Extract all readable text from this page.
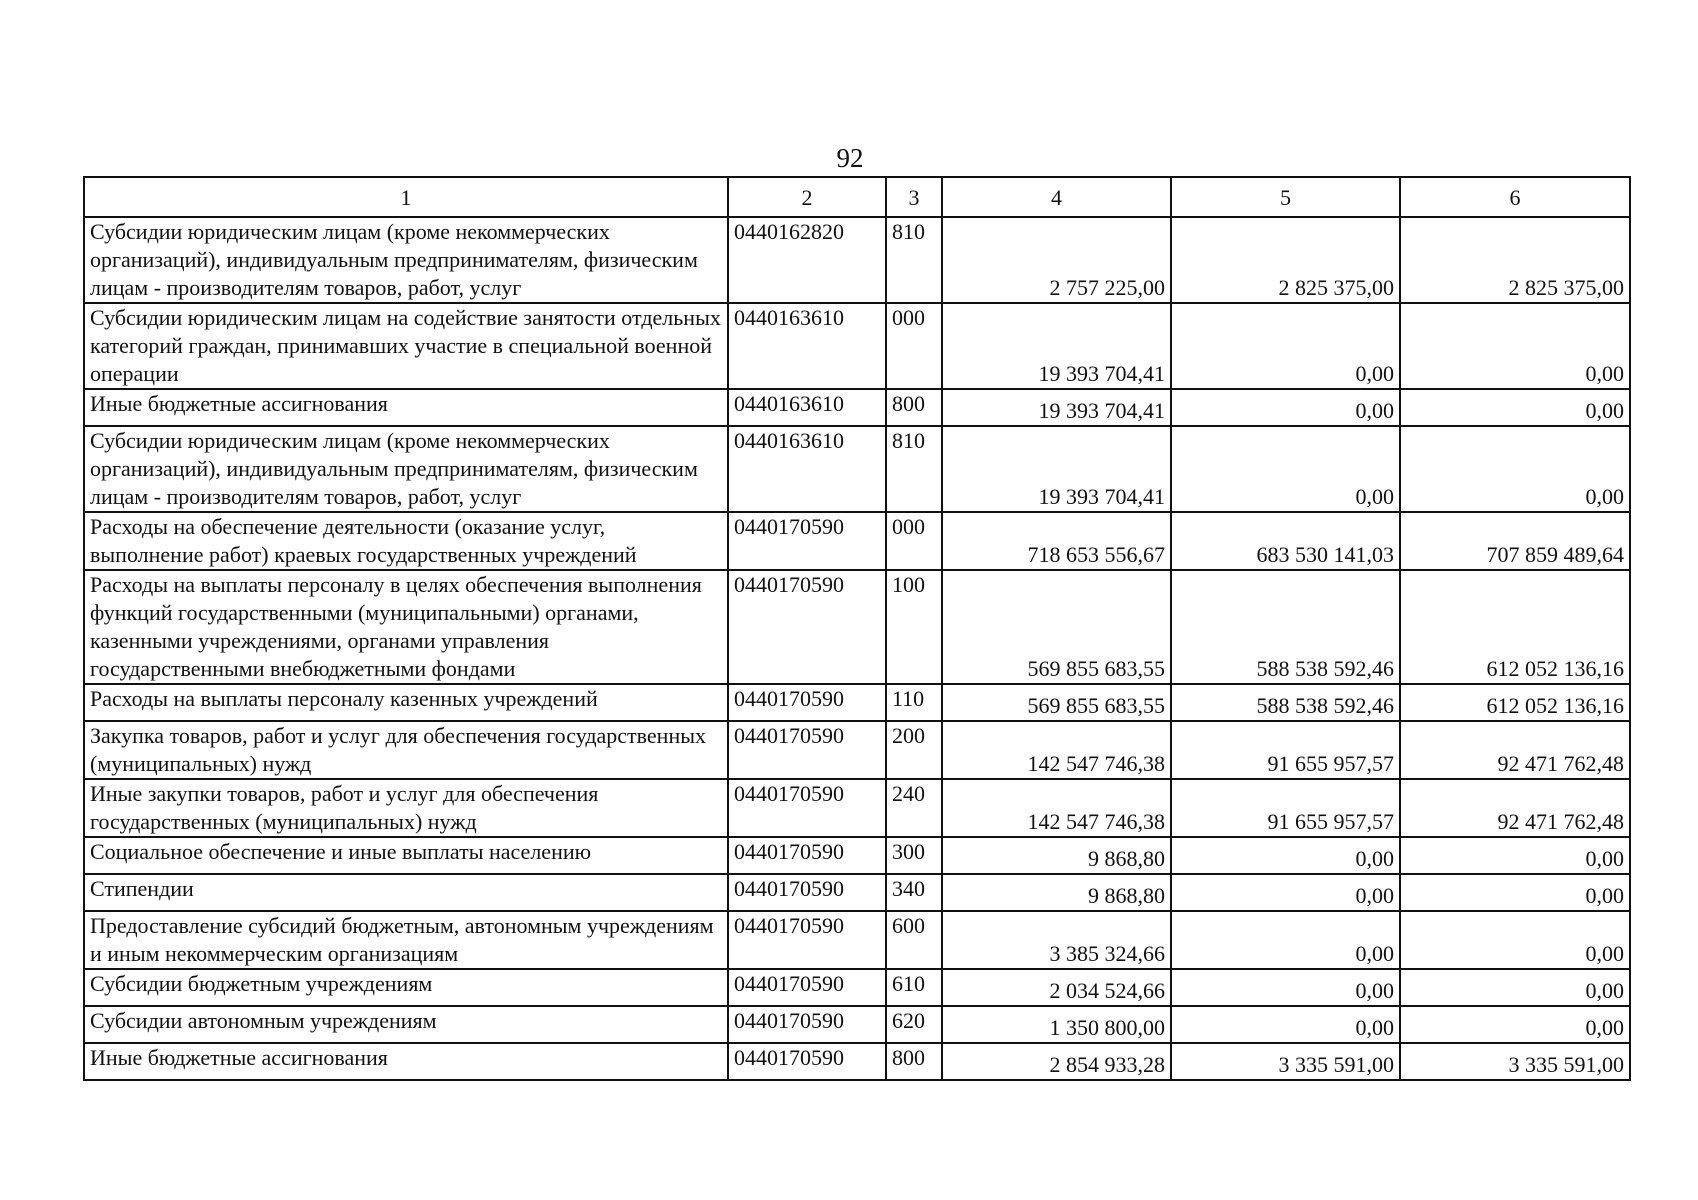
92
1	2	3	4	5	6
Субсидии юридическим лицам (кроме некоммерческих организаций), индивидуальным предпринимателям, физическим лицам - производителям товаров, работ, услуг	0440162820	810	2 757 225,00	2 825 375,00	2 825 375,00
Субсидии юридическим лицам на содействие занятости отдельных категорий граждан, принимавших участие в специальной военной операции	0440163610	000	19 393 704,41	0,00	0,00
Иные бюджетные ассигнования	0440163610	800	19 393 704,41	0,00	0,00
Субсидии юридическим лицам (кроме некоммерческих организаций), индивидуальным предпринимателям, физическим лицам - производителям товаров, работ, услуг	0440163610	810	19 393 704,41	0,00	0,00
Расходы на обеспечение деятельности (оказание услуг, выполнение работ) краевых государственных учреждений	0440170590	000	718 653 556,67	683 530 141,03	707 859 489,64
Расходы на выплаты персоналу в целях обеспечения выполнения функций государственными (муниципальными) органами, казенными учреждениями, органами управления государственными внебюджетными фондами	0440170590	100	569 855 683,55	588 538 592,46	612 052 136,16
Расходы на выплаты персоналу казенных учреждений	0440170590	110	569 855 683,55	588 538 592,46	612 052 136,16
Закупка товаров, работ и услуг для обеспечения государственных (муниципальных) нужд	0440170590	200	142 547 746,38	91 655 957,57	92 471 762,48
Иные закупки товаров, работ и услуг для обеспечения государственных (муниципальных) нужд	0440170590	240	142 547 746,38	91 655 957,57	92 471 762,48
Социальное обеспечение и иные выплаты населению	0440170590	300	9 868,80	0,00	0,00
Стипендии	0440170590	340	9 868,80	0,00	0,00
Предоставление субсидий бюджетным, автономным учреждениям и иным некоммерческим организациям	0440170590	600	3 385 324,66	0,00	0,00
Субсидии бюджетным учреждениям	0440170590	610	2 034 524,66	0,00	0,00
Субсидии автономным учреждениям	0440170590	620	1 350 800,00	0,00	0,00
Иные бюджетные ассигнования	0440170590	800	2 854 933,28	3 335 591,00	3 335 591,00
